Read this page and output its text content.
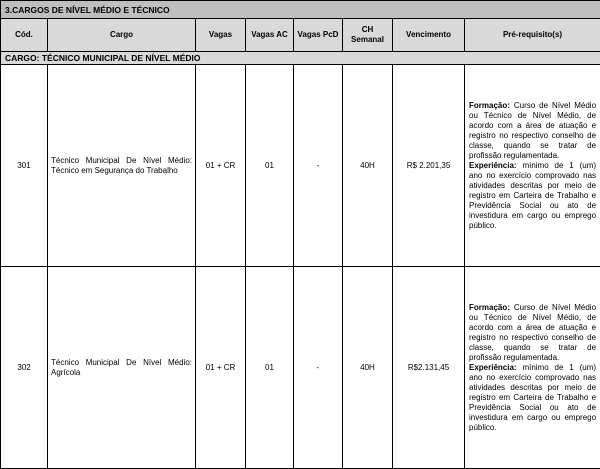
3.CARGOS DE NÍVEL MÉDIO E TÉCNICO							
Cód.	Cargo	Vagas	Vagas AC	Vagas PcD	CH Semanal	Vencimento	Pré-requisito(s)
CARGO: TÉCNICO MUNICIPAL DE NÍVEL MÉDIO							
301	Técnico Municipal De Nível Médio: Técnico em Segurança do Trabalho	01 + CR	01	-	40H	R$ 2.201,35	Formação: Curso de Nível Médio ou Técnico de Nível Médio, de acordo com a área de atuação e registro no respectivo conselho de classe, quando se tratar de profissão regulamentada.

Experiência: mínimo de 1 (um) ano no exercício comprovado nas atividades descritas por meio de registro em Carteira de Trabalho e Previdência Social ou ato de investidura em cargo ou emprego público.

302	Técnico Municipal De Nível Médio: Agrícola	01 + CR	01	-	40H	R$2.131,45	Formação: Curso de Nível Médio ou Técnico de Nível Médio, de acordo com a área de atuação e registro no respectivo conselho de classe, quando se tratar de profissão regulamentada.

Experiência: mínimo de 1 (um) ano no exercício comprovado nas atividades descritas por meio de registro em Carteira de Trabalho e Previdência Social ou ato de investidura em cargo ou emprego público.
